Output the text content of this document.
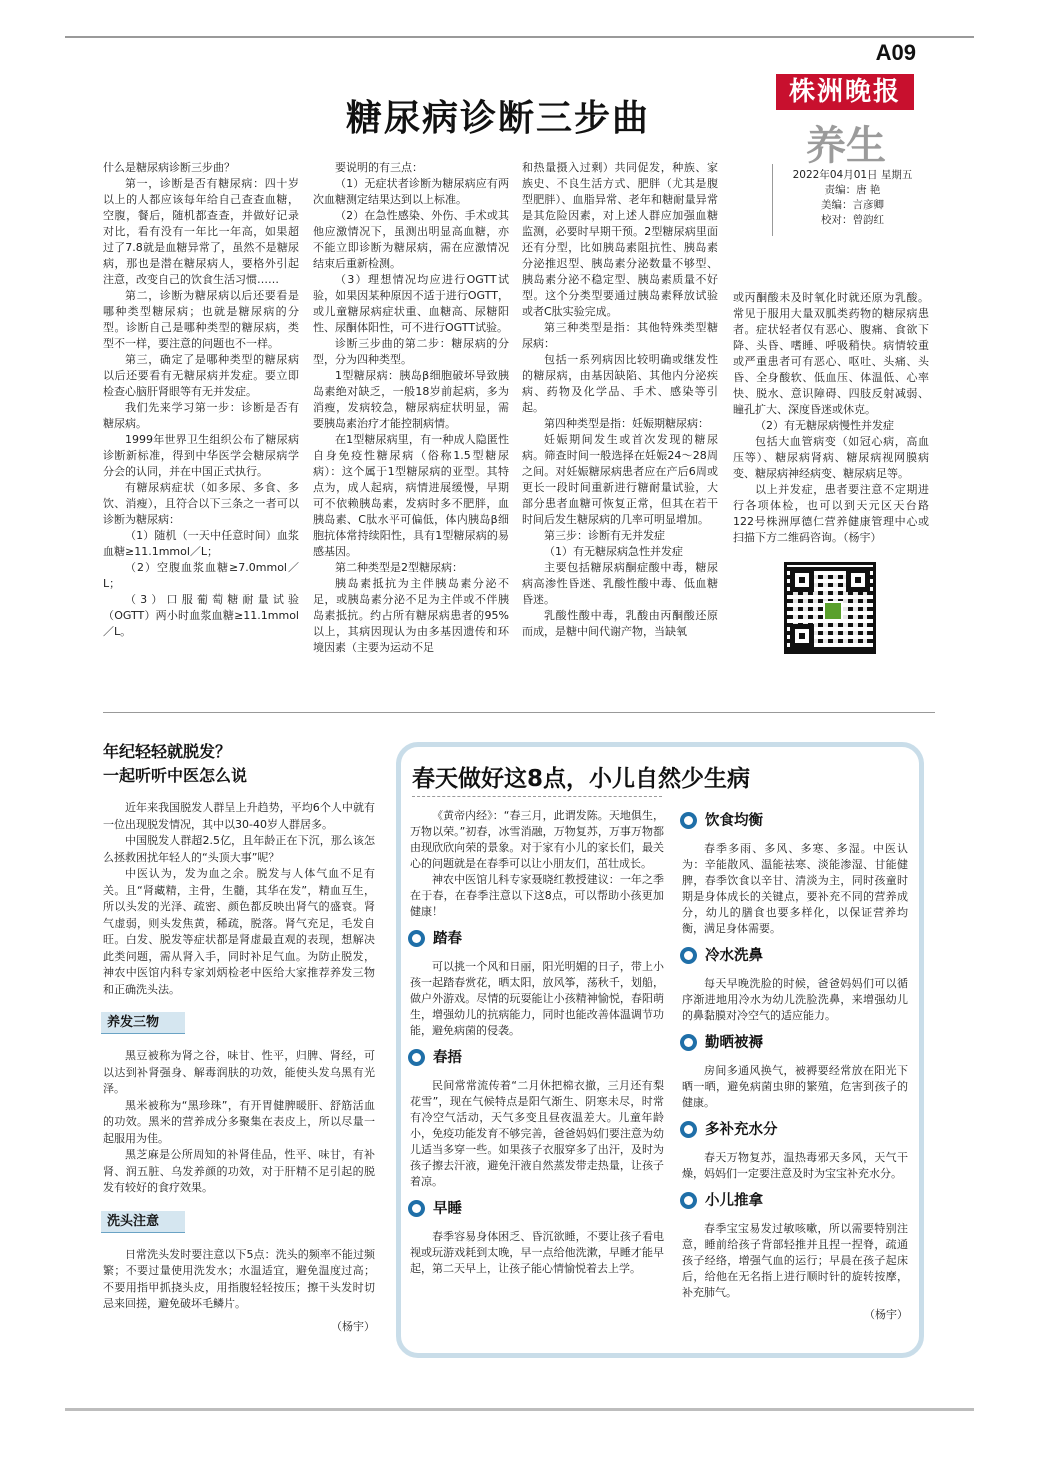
A09
株洲晚报
养生
2022年04月01日 星期五
责编：唐 艳
美编：言彦卿
校对：曾韵红
糖尿病诊断三步曲

什么是糖尿病诊断三步曲？

第一，诊断是否有糖尿病：四十岁以上的人都应该每年给自己查查血糖，空腹，餐后，随机都查查，并做好记录对比，看有没有一年比一年高，如果超过了7.8就是血糖异常了，虽然不是糖尿病，那也是潜在糖尿病人，要格外引起注意，改变自己的饮食生活习惯……

第二，诊断为糖尿病以后还要看是哪种类型糖尿病；也就是糖尿病的分型。诊断自己是哪种类型的糖尿病，类型不一样，要注意的问题也不一样。

第三，确定了是哪种类型的糖尿病以后还要看有无糖尿病并发症。要立即检查心脑肝肾眼等有无并发症。

我们先来学习第一步：诊断是否有糖尿病。

1999年世界卫生组织公布了糖尿病诊断新标准，得到中华医学会糖尿病学分会的认同，并在中国正式执行。

有糖尿病症状（如多尿、多食、多饮、消瘦），且符合以下三条之一者可以诊断为糖尿病：

（1）随机（一天中任意时间）血浆血糖≥11.1mmol／L；

（2）空腹血浆血糖≥7.0mmol／L；

（3）口服葡萄糖耐量试验（OGTT）两小时血浆血糖≥11.1mmol／L。

要说明的有三点：

（1）无症状者诊断为糖尿病应有两次血糖测定结果达到以上标准。

（2）在急性感染、外伤、手术或其他应激情况下，虽测出明显高血糖，亦不能立即诊断为糖尿病，需在应激情况结束后重新检测。

（3）理想情况均应进行OGTT试验，如果因某种原因不适于进行OGTT，或儿童糖尿病症状重、血糖高、尿糖阳性、尿酮体阳性，可不进行OGTT试验。

诊断三步曲的第二步：糖尿病的分型，分为四种类型。

1型糖尿病：胰岛β细胞破坏导致胰岛素绝对缺乏，一般18岁前起病，多为消瘦，发病较急，糖尿病症状明显，需要胰岛素治疗才能控制病情。

在1型糖尿病里，有一种成人隐匿性自身免疫性糖尿病（俗称1.5型糖尿病）：这个属于1型糖尿病的亚型。其特点为，成人起病，病情进展缓慢，早期可不依赖胰岛素，发病时多不肥胖，血胰岛素、C肽水平可偏低，体内胰岛β细胞抗体常持续阳性，具有1型糖尿病的易感基因。

第二种类型是2型糖尿病：

胰岛素抵抗为主伴胰岛素分泌不足，或胰岛素分泌不足为主伴或不伴胰岛素抵抗。约占所有糖尿病患者的95%以上，其病因现认为由多基因遗传和环境因素（主要为运动不足

和热量摄入过剩）共同促发，种族、家族史、不良生活方式、肥胖（尤其是腹型肥胖）、血脂异常、老年和糖耐量异常是其危险因素，对上述人群应加强血糖监测，必要时早期干预。2型糖尿病里面还有分型，比如胰岛素阻抗性、胰岛素分泌推迟型、胰岛素分泌数量不够型、胰岛素分泌不稳定型、胰岛素质量不好型。这个分类型要通过胰岛素释放试验或者C肽实验完成。

第三种类型是指：其他特殊类型糖尿病：

包括一系列病因比较明确或继发性的糖尿病，由基因缺陷、其他内分泌疾病、药物及化学品、手术、感染等引起。

第四种类型是指：妊娠期糖尿病：

妊娠期间发生或首次发现的糖尿病。筛查时间一般选择在妊娠24～28周之间。对妊娠糖尿病患者应在产后6周或更长一段时间重新进行糖耐量试验，大部分患者血糖可恢复正常，但其在若干时间后发生糖尿病的几率可明显增加。

第三步：诊断有无并发症

（1）有无糖尿病急性并发症

主要包括糖尿病酮症酸中毒，糖尿病高渗性昏迷、乳酸性酸中毒、低血糖昏迷。

乳酸性酸中毒，乳酸由丙酮酸还原而成，是糖中间代谢产物，当缺氧

或丙酮酸未及时氧化时就还原为乳酸。常见于服用大量双胍类药物的糖尿病患者。症状轻者仅有恶心、腹痛、食欲下降、头昏、嗜睡、呼吸稍快。病情较重或严重患者可有恶心、呕吐、头痛、头昏、全身酸软、低血压、体温低、心率快、脱水、意识障碍、四肢反射减弱、瞳孔扩大、深度昏迷或休克。

（2）有无糖尿病慢性并发症

包括大血管病变（如冠心病，高血压等）、糖尿病肾病、糖尿病视网膜病变、糖尿病神经病变、糖尿病足等。

以上并发症，患者要注意不定期进行各项体检，也可以到天元区天台路122号株洲厚德仁营养健康管理中心或扫描下方二维码咨询。（杨宇）

年纪轻轻就脱发？
一起听听中医怎么说

近年来我国脱发人群呈上升趋势，平均6个人中就有一位出现脱发情况，其中以30-40岁人群居多。

中国脱发人群超2.5亿，且年龄正在下沉，那么该怎么拯救困扰年轻人的“头顶大事”呢？

中医认为，发为血之余。脱发与人体气血不足有关。且“肾藏精，主骨，生髓，其华在发”，精血互生，所以头发的光泽、疏密、颜色都反映出肾气的盛衰。肾气虚弱，则头发焦黄，稀疏，脱落。肾气充足，毛发自旺。白发、脱发等症状都是肾虚最直观的表现，想解决此类问题，需从肾入手，同时补足气血。为防止脱发，神农中医馆内科专家刘炳检老中医给大家推荐养发三物和正确洗头法。

养发三物

黑豆被称为肾之谷，味甘、性平，归脾、肾经，可以达到补肾强身、解毒润肤的功效，能使头发乌黑有光泽。

黑米被称为“黑珍珠”，有开胃健脾暖肝、舒筋活血的功效。黑米的营养成分多聚集在表皮上，所以尽量一起服用为佳。

黑芝麻是公所周知的补肾佳品，性平、味甘，有补肾、润五脏、乌发养颜的功效，对于肝精不足引起的脱发有较好的食疗效果。

洗头注意

日常洗头发时要注意以下5点：洗头的频率不能过频繁；不要过量使用洗发水；水温适宜，避免温度过高；不要用指甲抓挠头皮，用指腹轻轻按压；擦干头发时切忌来回搓，避免破坏毛鳞片。

（杨宇）

春天做好这8点，小儿自然少生病

《黄帝内经》：“春三月，此谓发陈。天地俱生，万物以荣。”初春，冰雪消融，万物复苏，万事万物都由现欣欣向荣的景象。对于家有小儿的家长们，最关心的问题就是在春季可以让小朋友们，茁壮成长。

神农中医馆儿科专家聂晓红教授建议：一年之季在于春，在春季注意以下这8点，可以帮助小孩更加健康！

踏春

可以挑一个风和日丽，阳光明媚的日子，带上小孩一起踏春赏花，晒太阳，放风筝，荡秋千，划船，做户外游戏。尽情的玩耍能让小孩精神愉悦，春阳萌生，增强幼儿的抗病能力，同时也能改善体温调节功能，避免病菌的侵袭。

春捂

民间常常流传着“二月休把棉衣撤，三月还有梨花雪”，现在气候特点是阳气渐生、阴寒未尽，时常有冷空气活动，天气多变且昼夜温差大。儿童年龄小，免疫功能发育不够完善，爸爸妈妈们要注意为幼儿适当多穿一些。如果孩子衣服穿多了出汗，及时为孩子擦去汗液，避免汗液自然蒸发带走热量，让孩子着凉。

早睡

春季容易身体困乏、昏沉欲睡，不要让孩子看电视或玩游戏耗到太晚，早一点给他洗漱，早睡才能早起，第二天早上，让孩子能心情愉悦着去上学。

饮食均衡

春季多雨、多风、多寒、多湿。中医认为：辛能散风、温能祛寒、淡能渗湿、甘能健脾，春季饮食以辛甘、清淡为主，同时孩童时期是身体成长的关键点，要补充不同的营养成分，幼儿的膳食也要多样化，以保证营养均衡，满足身体需要。

冷水洗鼻

每天早晚洗脸的时候，爸爸妈妈们可以循序渐进地用冷水为幼儿洗脸洗鼻，来增强幼儿的鼻黏膜对冷空气的适应能力。

勤晒被褥

房间多通风换气，被褥要经常放在阳光下晒一晒，避免病菌虫卵的繁殖，危害到孩子的健康。

多补充水分

春天万物复苏，温热毒邪天多风，天气干燥，妈妈们一定要注意及时为宝宝补充水分。

小儿推拿

春季宝宝易发过敏咳嗽，所以需要特别注意，睡前给孩子背部轻推并且捏一捏脊，疏通孩子经络，增强气血的运行；早晨在孩子起床后，给他在无名指上进行顺时针的旋转按摩，补充肺气。

（杨宇）
